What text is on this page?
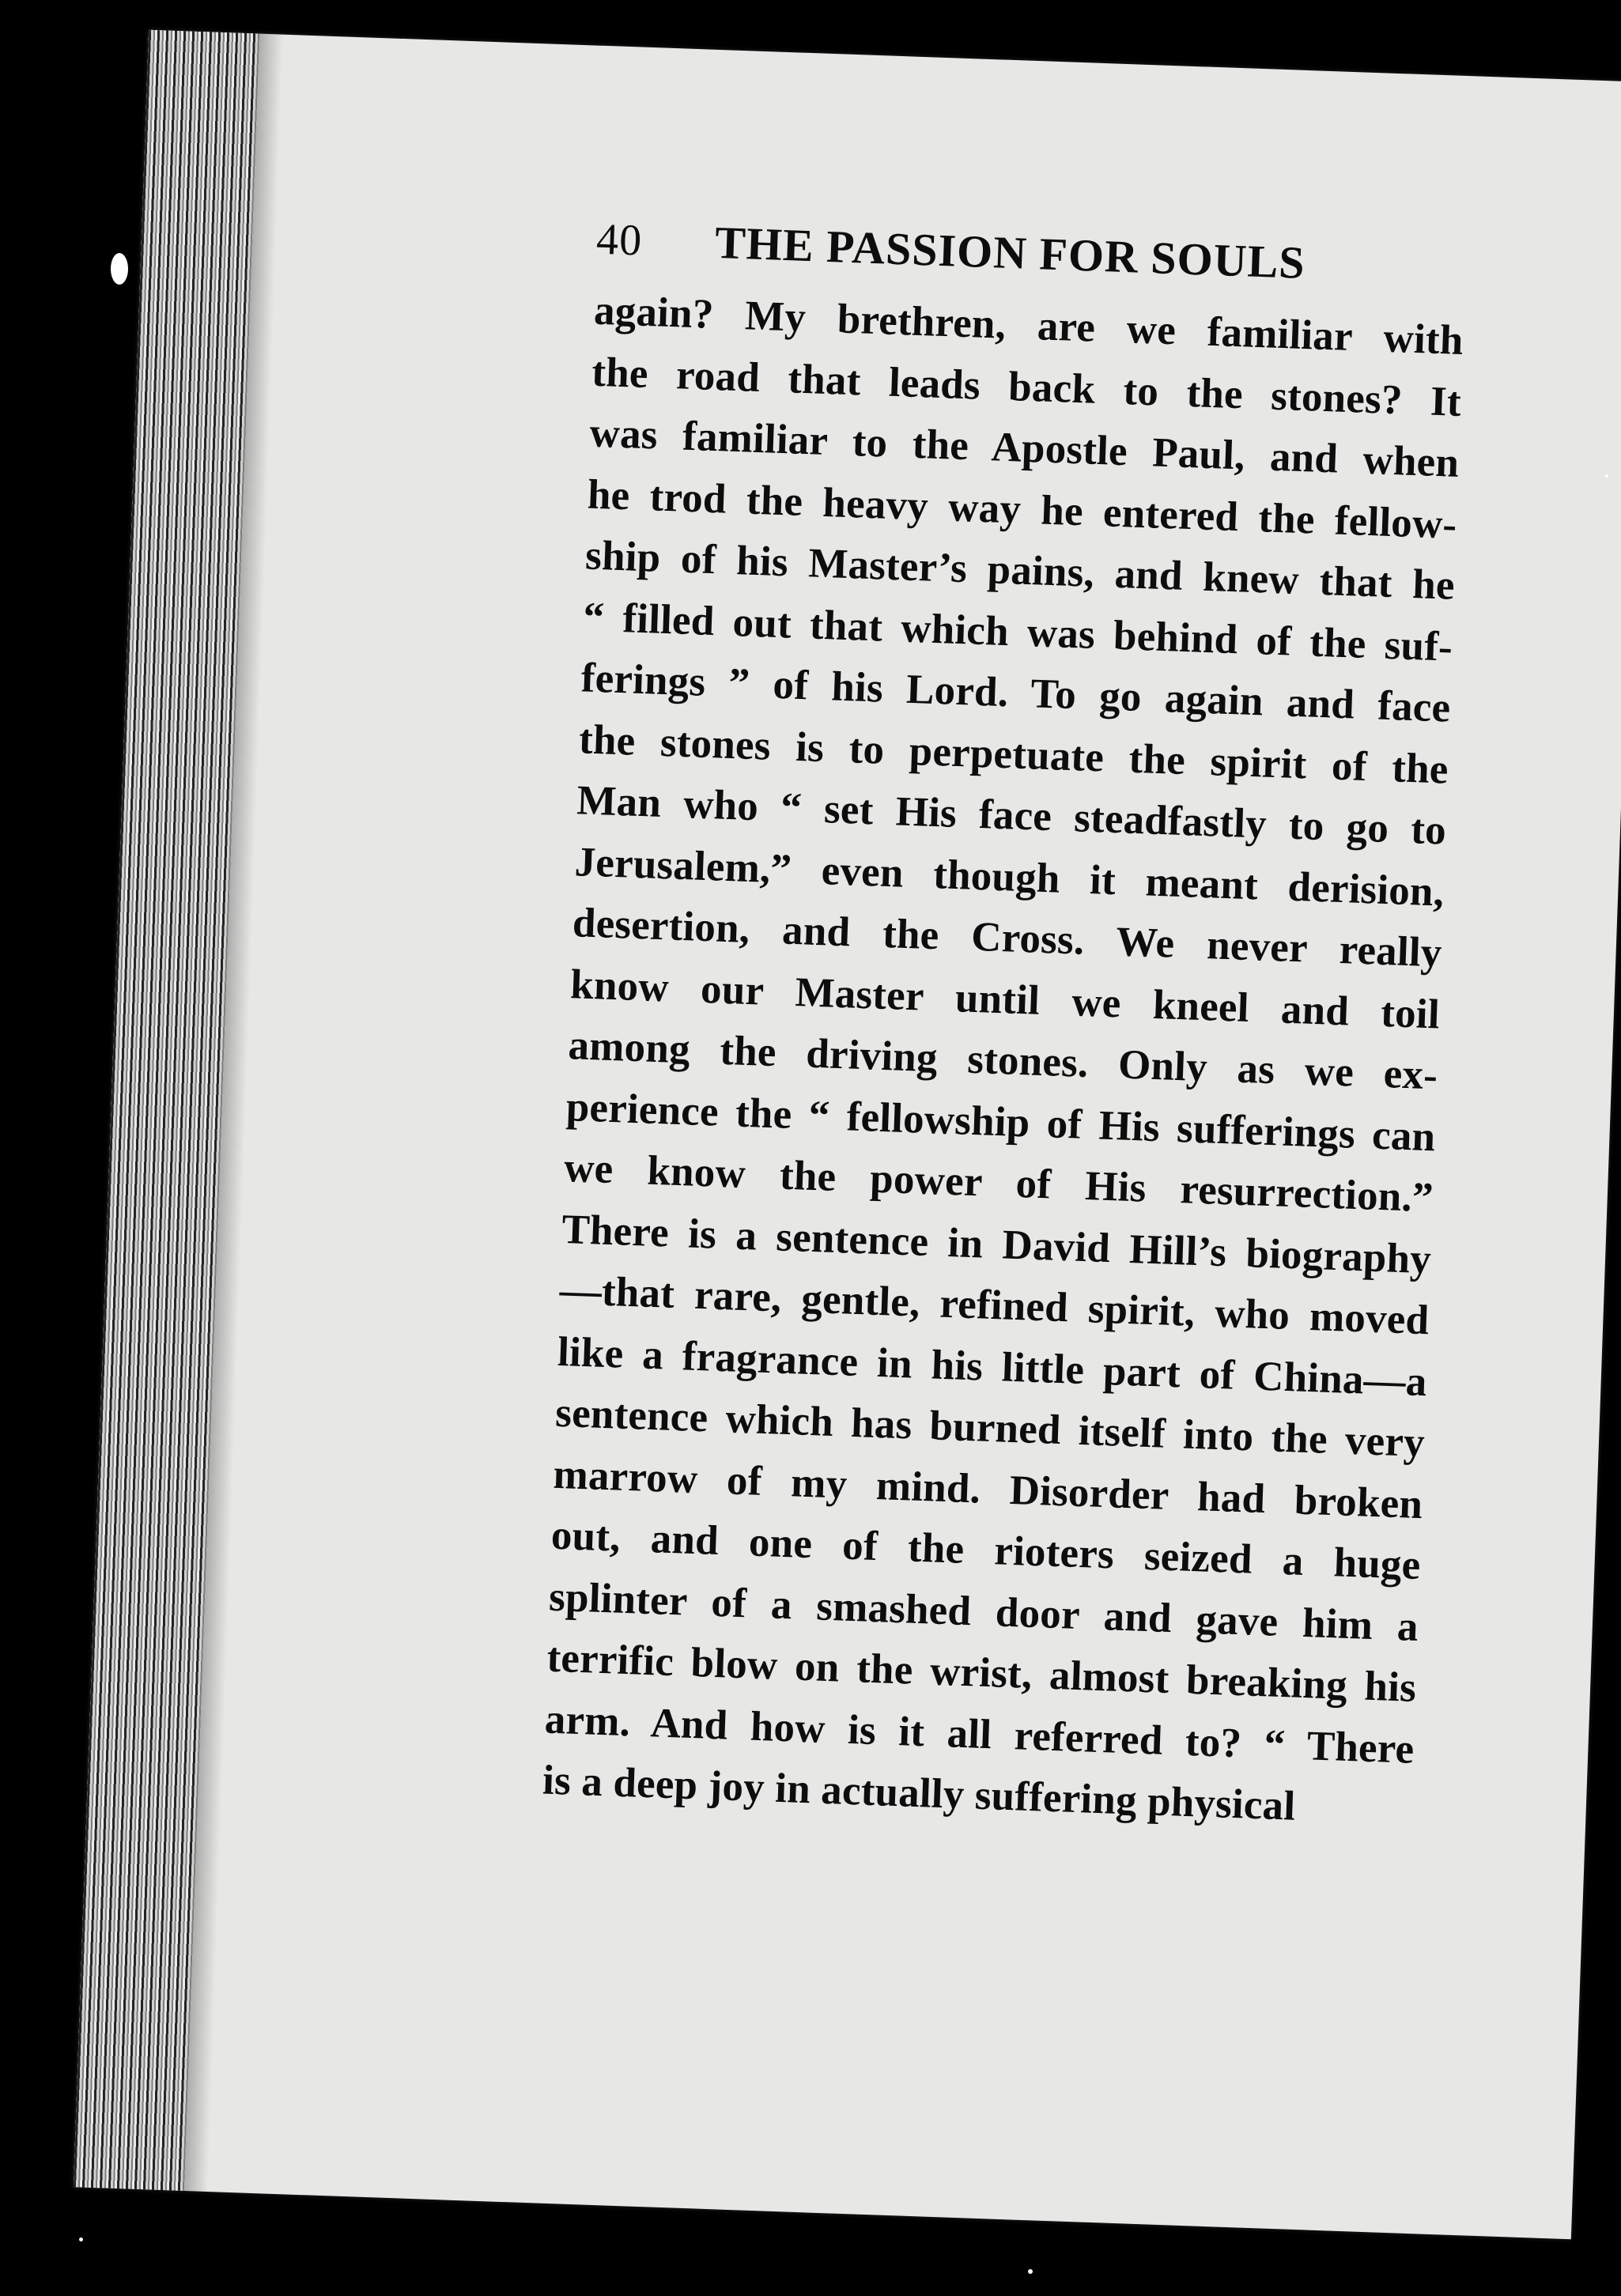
40	THE PASSION FOR SOULS
again? My brethren, are we familiar with
the road that leads back to the stones? It
was familiar to the Apostle Paul, and when
he trod the heavy way he entered the fellow-
ship of his Master’s pains, and knew that he
“ filled out that which was behind of the suf-
ferings ” of his Lord. To go again and face
the stones is to perpetuate the spirit of the
Man who “ set His face steadfastly to go to
Jerusalem,” even though it meant derision,
desertion, and the Cross. We never really
know our Master until we kneel and toil
among the driving stones. Only as we ex-
perience the “ fellowship of His sufferings can
we know the power of His resurrection.”
There is a sentence in David Hill’s biography
—that rare, gentle, refined spirit, who moved
like a fragrance in his little part of China—a
sentence which has burned itself into the very
marrow of my mind. Disorder had broken
out, and one of the rioters seized a huge
splinter of a smashed door and gave him a
terrific blow on the wrist, almost breaking his
arm. And how is it all referred to? “ There
is a deep joy in actually suffering physical
